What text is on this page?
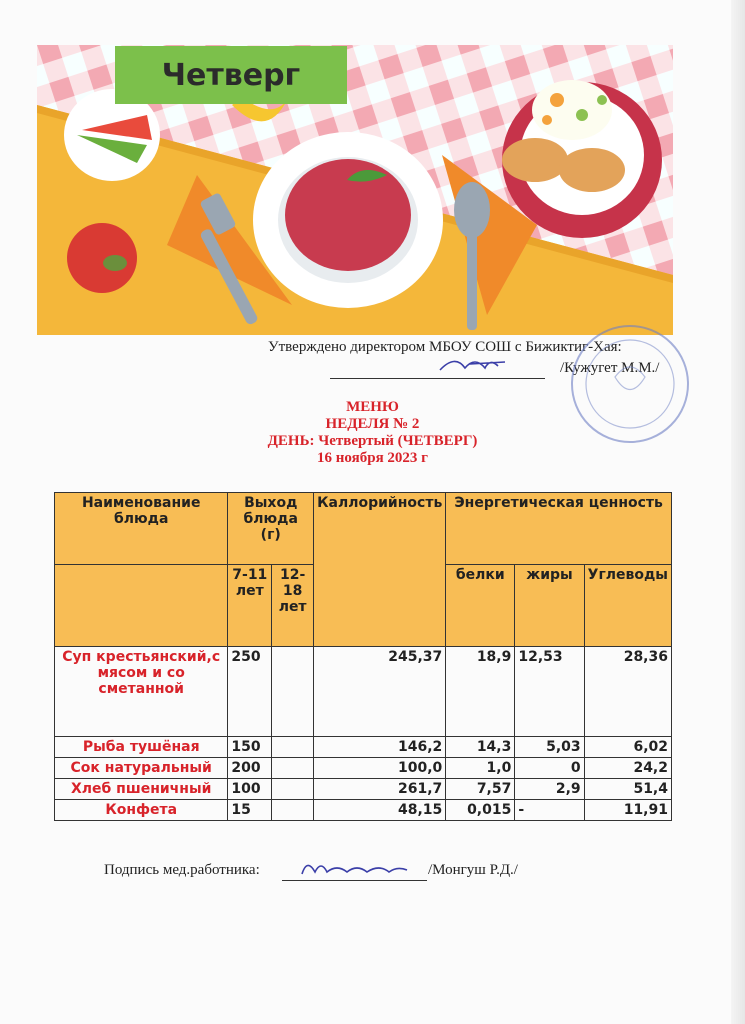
Четверг
Утверждено директором МБОУ СОШ с Бижиктиг-Хая:
/Кужугет М.М./
МЕНЮ
НЕДЕЛЯ № 2
ДЕНЬ: Четвертый (ЧЕТВЕРГ)
16 ноября 2023 г
Наименование блюда	Выход блюда (г)		Каллорийность	Энергетическая ценность		
	7-11 лет	12-18 лет		белки	жиры	Углеводы
Суп крестьянский,с мясом и со сметанной	250		245,37	18,9	12,53	28,36
Рыба тушёная	150		146,2	14,3	5,03	6,02
Сок натуральный	200		100,0	1,0	0	24,2
Хлеб пшеничный	100		261,7	7,57	2,9	51,4
Конфета	15		48,15	0,015	-	11,91
Подпись мед.работника:	/Монгуш Р.Д./
